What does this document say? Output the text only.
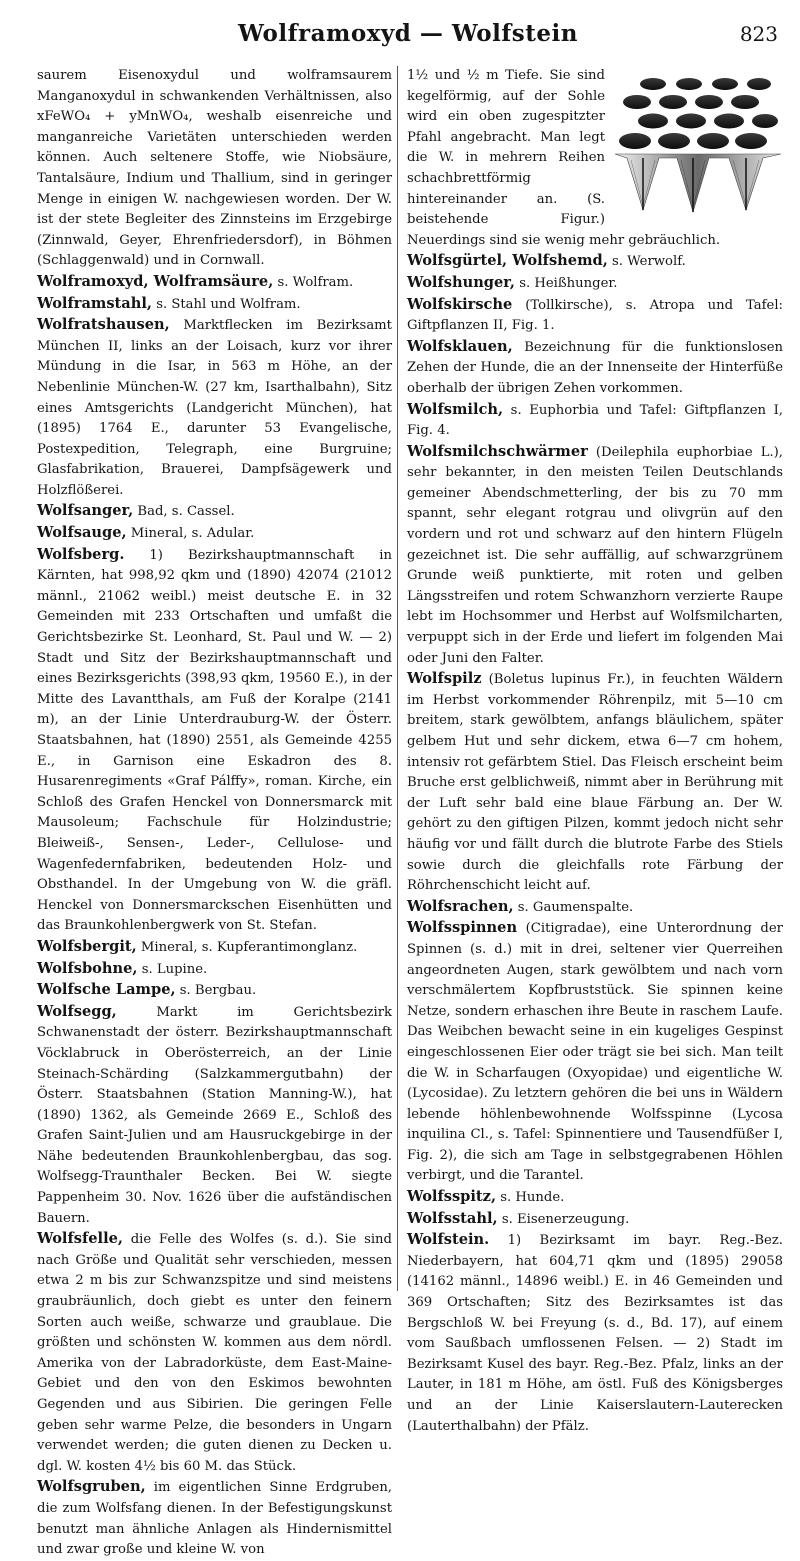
Wolframoxyd — Wolfstein	823

saurem Eisenoxydul und wolframsaurem Manganoxydul in schwankenden Verhältnissen, also xFeWO₄ + yMnWO₄, weshalb eisenreiche und manganreiche Varietäten unterschieden werden können. Auch seltenere Stoffe, wie Niobsäure, Tantalsäure, Indium und Thallium, sind in geringer Menge in einigen W. nachgewiesen worden. Der W. ist der stete Begleiter des Zinnsteins im Erzgebirge (Zinnwald, Geyer, Ehrenfriedersdorf), in Böhmen (Schlaggenwald) und in Cornwall.

Wolframoxyd, Wolframsäure, s. Wolfram.

Wolframstahl, s. Stahl und Wolfram.

Wolfratshausen, Marktflecken im Bezirksamt München II, links an der Loisach, kurz vor ihrer Mündung in die Isar, in 563 m Höhe, an der Nebenlinie München-W. (27 km, Isarthalbahn), Sitz eines Amtsgerichts (Landgericht München), hat (1895) 1764 E., darunter 53 Evangelische, Postexpedition, Telegraph, eine Burgruine; Glasfabrikation, Brauerei, Dampfsägewerk und Holzflößerei.

Wolfsanger, Bad, s. Cassel.

Wolfsauge, Mineral, s. Adular.

Wolfsberg. 1) Bezirkshauptmannschaft in Kärnten, hat 998,92 qkm und (1890) 42074 (21012 männl., 21062 weibl.) meist deutsche E. in 32 Gemeinden mit 233 Ortschaften und umfaßt die Gerichtsbezirke St. Leonhard, St. Paul und W. — 2) Stadt und Sitz der Bezirkshauptmannschaft und eines Bezirksgerichts (398,93 qkm, 19560 E.), in der Mitte des Lavantthals, am Fuß der Koralpe (2141 m), an der Linie Unterdrauburg-W. der Österr. Staatsbahnen, hat (1890) 2551, als Gemeinde 4255 E., in Garnison eine Eskadron des 8. Husarenregiments «Graf Pálffy», roman. Kirche, ein Schloß des Grafen Henckel von Donnersmarck mit Mausoleum; Fachschule für Holzindustrie; Bleiweiß-, Sensen-, Leder-, Cellulose- und Wagenfedernfabriken, bedeutenden Holz- und Obsthandel. In der Umgebung von W. die gräfl. Henckel von Donnersmarckschen Eisenhütten und das Braunkohlenbergwerk von St. Stefan.

Wolfsbergit, Mineral, s. Kupferantimonglanz.

Wolfsbohne, s. Lupine.

Wolfsche Lampe, s. Bergbau.

Wolfsegg, Markt im Gerichtsbezirk Schwanenstadt der österr. Bezirkshauptmannschaft Vöcklabruck in Oberösterreich, an der Linie Steinach-Schärding (Salzkammergutbahn) der Österr. Staatsbahnen (Station Manning-W.), hat (1890) 1362, als Gemeinde 2669 E., Schloß des Grafen Saint-Julien und am Hausruckgebirge in der Nähe bedeutenden Braunkohlenbergbau, das sog. Wolfsegg-Traunthaler Becken. Bei W. siegte Pappenheim 30. Nov. 1626 über die aufständischen Bauern.

Wolfsfelle, die Felle des Wolfes (s. d.). Sie sind nach Größe und Qualität sehr verschieden, messen etwa 2 m bis zur Schwanzspitze und sind meistens graubräunlich, doch giebt es unter den feinern Sorten auch weiße, schwarze und graublaue. Die größten und schönsten W. kommen aus dem nördl. Amerika von der Labradorküste, dem East-Maine-Gebiet und den von den Eskimos bewohnten Gegenden und aus Sibirien. Die geringen Felle geben sehr warme Pelze, die besonders in Ungarn verwendet werden; die guten dienen zu Decken u. dgl. W. kosten 4½ bis 60 M. das Stück.

Wolfsgruben, im eigentlichen Sinne Erdgruben, die zum Wolfsfang dienen. In der Befestigungskunst benutzt man ähnliche Anlagen als Hindernismittel und zwar große und kleine W. von

1½ und ½ m Tiefe. Sie sind kegelförmig, auf der Sohle wird ein oben zugespitzter Pfahl angebracht. Man legt die W. in mehrern Reihen schachbrettförmig hintereinander an. (S. beistehende Figur.) Neuerdings sind sie wenig mehr gebräuchlich.

Wolfsgürtel, Wolfshemd, s. Werwolf.

Wolfshunger, s. Heißhunger.

Wolfskirsche (Tollkirsche), s. Atropa und Tafel: Giftpflanzen II, Fig. 1.

Wolfsklauen, Bezeichnung für die funktionslosen Zehen der Hunde, die an der Innenseite der Hinterfüße oberhalb der übrigen Zehen vorkommen.

Wolfsmilch, s. Euphorbia und Tafel: Giftpflanzen I, Fig. 4.

Wolfsmilchschwärmer (Deilephila euphorbiae L.), sehr bekannter, in den meisten Teilen Deutschlands gemeiner Abendschmetterling, der bis zu 70 mm spannt, sehr elegant rotgrau und olivgrün auf den vordern und rot und schwarz auf den hintern Flügeln gezeichnet ist. Die sehr auffällig, auf schwarzgrünem Grunde weiß punktierte, mit roten und gelben Längsstreifen und rotem Schwanzhorn verzierte Raupe lebt im Hochsommer und Herbst auf Wolfsmilcharten, verpuppt sich in der Erde und liefert im folgenden Mai oder Juni den Falter.

Wolfspilz (Boletus lupinus Fr.), in feuchten Wäldern im Herbst vorkommender Röhrenpilz, mit 5—10 cm breitem, stark gewölbtem, anfangs bläulichem, später gelbem Hut und sehr dickem, etwa 6—7 cm hohem, intensiv rot gefärbtem Stiel. Das Fleisch erscheint beim Bruche erst gelblichweiß, nimmt aber in Berührung mit der Luft sehr bald eine blaue Färbung an. Der W. gehört zu den giftigen Pilzen, kommt jedoch nicht sehr häufig vor und fällt durch die blutrote Farbe des Stiels sowie durch die gleichfalls rote Färbung der Röhrchenschicht leicht auf.

Wolfsrachen, s. Gaumenspalte.

Wolfsspinnen (Citigradae), eine Unterordnung der Spinnen (s. d.) mit in drei, seltener vier Querreihen angeordneten Augen, stark gewölbtem und nach vorn verschmälertem Kopfbruststück. Sie spinnen keine Netze, sondern erhaschen ihre Beute in raschem Laufe. Das Weibchen bewacht seine in ein kugeliges Gespinst eingeschlossenen Eier oder trägt sie bei sich. Man teilt die W. in Scharfaugen (Oxyopidae) und eigentliche W. (Lycosidae). Zu letztern gehören die bei uns in Wäldern lebende höhlenbewohnende Wolfsspinne (Lycosa inquilina Cl., s. Tafel: Spinnentiere und Tausendfüßer I, Fig. 2), die sich am Tage in selbstgegrabenen Höhlen verbirgt, und die Tarantel.

Wolfsspitz, s. Hunde.

Wolfsstahl, s. Eisenerzeugung.

Wolfstein. 1) Bezirksamt im bayr. Reg.-Bez. Niederbayern, hat 604,71 qkm und (1895) 29058 (14162 männl., 14896 weibl.) E. in 46 Gemeinden und 369 Ortschaften; Sitz des Bezirksamtes ist das Bergschloß W. bei Freyung (s. d., Bd. 17), auf einem vom Saußbach umflossenen Felsen. — 2) Stadt im Bezirksamt Kusel des bayr. Reg.-Bez. Pfalz, links an der Lauter, in 181 m Höhe, am östl. Fuß des Königsberges und an der Linie Kaiserslautern-Lauterecken (Lauterthalbahn) der Pfälz.
